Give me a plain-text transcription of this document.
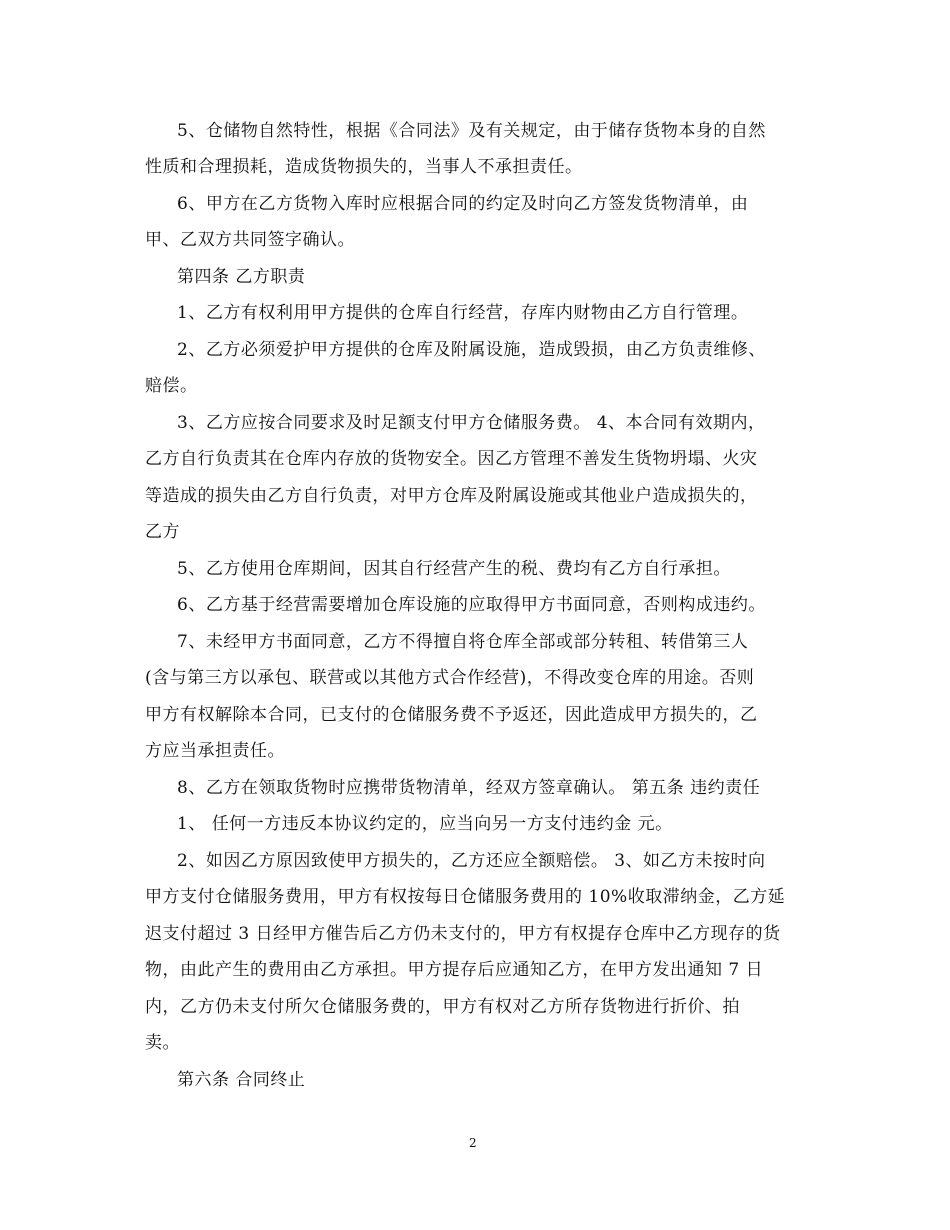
5、仓储物自然特性，根据《合同法》及有关规定，由于储存货物本身的自然
性质和合理损耗，造成货物损失的，当事人不承担责任。
6、甲方在乙方货物入库时应根据合同的约定及时向乙方签发货物清单，由
甲、乙双方共同签字确认。
第四条 乙方职责
1、乙方有权利用甲方提供的仓库自行经营，存库内财物由乙方自行管理。
2、乙方必须爱护甲方提供的仓库及附属设施，造成毁损，由乙方负责维修、
赔偿。
3、乙方应按合同要求及时足额支付甲方仓储服务费。 4、本合同有效期内，
乙方自行负责其在仓库内存放的货物安全。因乙方管理不善发生货物坍塌、火灾
等造成的损失由乙方自行负责，对甲方仓库及附属设施或其他业户造成损失的，
乙方
5、乙方使用仓库期间，因其自行经营产生的税、费均有乙方自行承担。
6、乙方基于经营需要增加仓库设施的应取得甲方书面同意，否则构成违约。
7、未经甲方书面同意，乙方不得擅自将仓库全部或部分转租、转借第三人
(含与第三方以承包、联营或以其他方式合作经营)，不得改变仓库的用途。否则
甲方有权解除本合同，已支付的仓储服务费不予返还，因此造成甲方损失的，乙
方应当承担责任。
8、乙方在领取货物时应携带货物清单，经双方签章确认。 第五条 违约责任
1、 任何一方违反本协议约定的，应当向另一方支付违约金 元。
2、如因乙方原因致使甲方损失的，乙方还应全额赔偿。 3、如乙方未按时向
甲方支付仓储服务费用，甲方有权按每日仓储服务费用的 10%收取滞纳金，乙方延
迟支付超过 3 日经甲方催告后乙方仍未支付的，甲方有权提存仓库中乙方现存的货
物，由此产生的费用由乙方承担。甲方提存后应通知乙方，在甲方发出通知 7 日
内，乙方仍未支付所欠仓储服务费的，甲方有权对乙方所存货物进行折价、拍
卖。
第六条 合同终止
2
